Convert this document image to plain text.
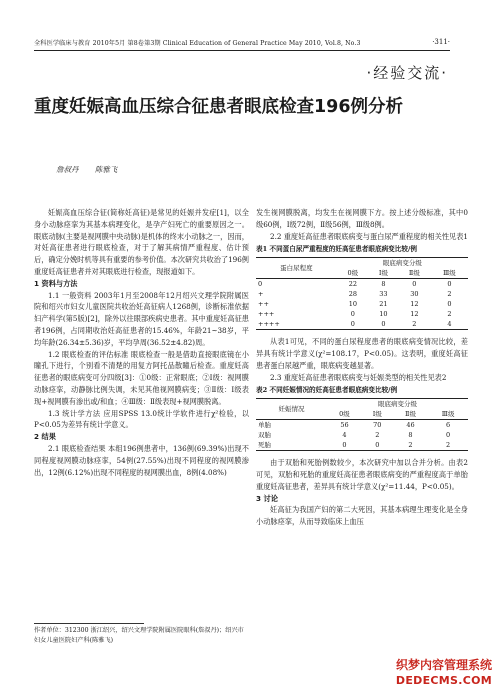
全科医学临床与教育 2010年5月 第8卷第3期 Clinical Education of General Practice May 2010, Vol.8, No.3	·311·
·经验交流·
重度妊娠高血压综合征患者眼底检查196例分析
詹叔丹 陈雅飞

妊娠高血压综合征(简称妊高征)是常见的妊娠并发症[1]，以全身小动脉痉挛为其基本病理变化，是孕产妇死亡的重要原因之一。眼底动脉(主要是视网膜中央动脉)是机体的终末小动脉之一，因而，对妊高征患者进行眼底检查，对于了解其病情严重程度、估计预后，确定分娩时机等具有重要的参考价值。本次研究共收治了196例重度妊高征患者并对其眼底进行检查，现报道如下。

1 资料与方法

1.1 一般资料 2003年1月至2008年12月绍兴文理学院附属医院和绍兴市妇女儿童医院共收治妊高征病人1268例，诊断标准依据妇产科学(第5版)[2]，除外以往眼部疾病史患者。其中重度妊高征患者196例，占同期收治妊高征患者的15.46%，年龄21~38岁，平均年龄(26.34±5.36)岁，平均孕周(36.52±4.82)周。

1.2 眼底检查的评估标准 眼底检查一般是借助直接眼底镜在小瞳孔下进行，个别看不清楚的用复方阿托品散瞳后检查。重度妊高征患者的眼底病变可分四级[3]：①0级：正常眼底；②Ⅰ级：视网膜动脉痉挛，动静脉比例失调，未见其他视网膜病变；③Ⅱ级：Ⅰ级表现+视网膜有渗出或/和血；④Ⅲ级：Ⅱ级表现+视网膜脱离。

1.3 统计学方法 应用SPSS 13.0统计学软件进行χ²检验，以P<0.05为差异有统计学意义。

2 结果

2.1 眼底检查结果 本组196例患者中，136例(69.39%)出现不同程度视网膜动脉痉挛，54例(27.55%)出现不同程度的视网膜渗出，12例(6.12%)出现不同程度的视网膜出血，8例(4.08%)

作者单位：312300 浙江绍兴，绍兴文理学院附属医院眼科(詹叔丹)；绍兴市妇女儿童医院妇产科(陈雅飞)

发生视网膜脱离，均发生在视网膜下方。按上述分级标准，其中0级60例，Ⅰ级72例，Ⅱ级56例，Ⅲ级8例。

2.2 重度妊高征患者眼底病变与蛋白尿严重程度的相关性见表1

表1 不同蛋白尿严重程度的妊高征患者眼底病变比较/例
蛋白尿程度	眼底病变分级			
	0级	Ⅰ级	Ⅱ级	Ⅲ级
0	22	8	0	0
+	28	33	30	2
++	10	21	12	0
+++	0	10	12	2
++++	0	0	2	4

从表1可见，不同的蛋白尿程度患者的眼底病变情况比较，差异具有统计学意义(χ²=108.17，P<0.05)。这表明，重度妊高征患者蛋白尿越严重，眼底病变越显著。

2.3 重度妊高征患者眼底病变与妊娠类型的相关性见表2

表2 不同妊娠情况的妊高征患者眼底病变比较/例
妊娠情况	眼底病变分级			
	0级	Ⅰ级	Ⅱ级	Ⅲ级
单胎	56	70	46	6
双胎	4	2	8	0
死胎	0	0	2	2

由于双胎和死胎例数较少，本次研究中加以合并分析。由表2可见，双胎和死胎的重度妊高征患者眼底病变的严重程度高于单胎重度妊高征患者，差异具有统计学意义(χ²=11.44，P<0.05)。

3 讨论

妊高征为我国产妇的第二大死因，其基本病理生理变化是全身小动脉痉挛，从而导致临床上血压

织梦内容管理系统
DEDECMS.COM
